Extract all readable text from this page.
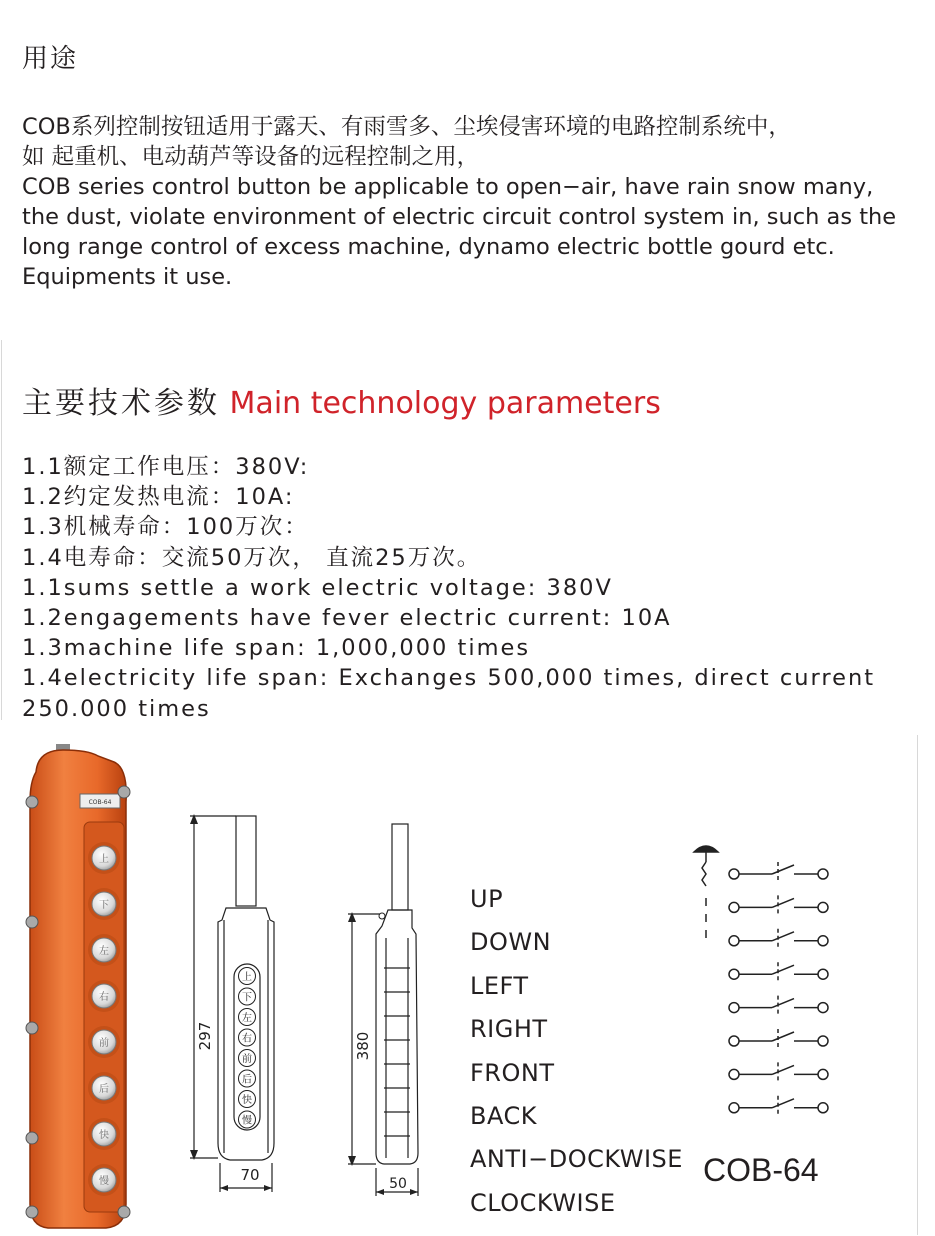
用途
COB系列控制按钮适用于露天、有雨雪多、尘埃侵害环境的电路控制系统中，
如 起重机、电动葫芦等设备的远程控制之用，
COB series control button be applicable to open−air, have rain snow many,
the dust, violate environment of electric circuit control system in, such as the
long range control of excess machine, dynamo electric bottle gourd etc.
Equipments it use.
主要技术参数 Main technology parameters
1.1额定工作电压：380V:
1.2约定发热电流：10A:
1.3机械寿命：100万次：
1.4电寿命：交流50万次， 直流25万次。
1.1sums settle a work electric voltage: 380V
1.2engagements have fever electric current: 10A
1.3machine life span: 1,000,000 times
1.4electricity life span: Exchanges 500,000 times, direct current
250.000 times
COB-64
上
下
左
右
前
后
快
慢
上
下
左
右
前
后
快
慢
297
70
380
50
UP
DOWN
LEFT
RIGHT
FRONT
BACK
ANTI−DOCKWISE
CLOCKWISE
COB-64
